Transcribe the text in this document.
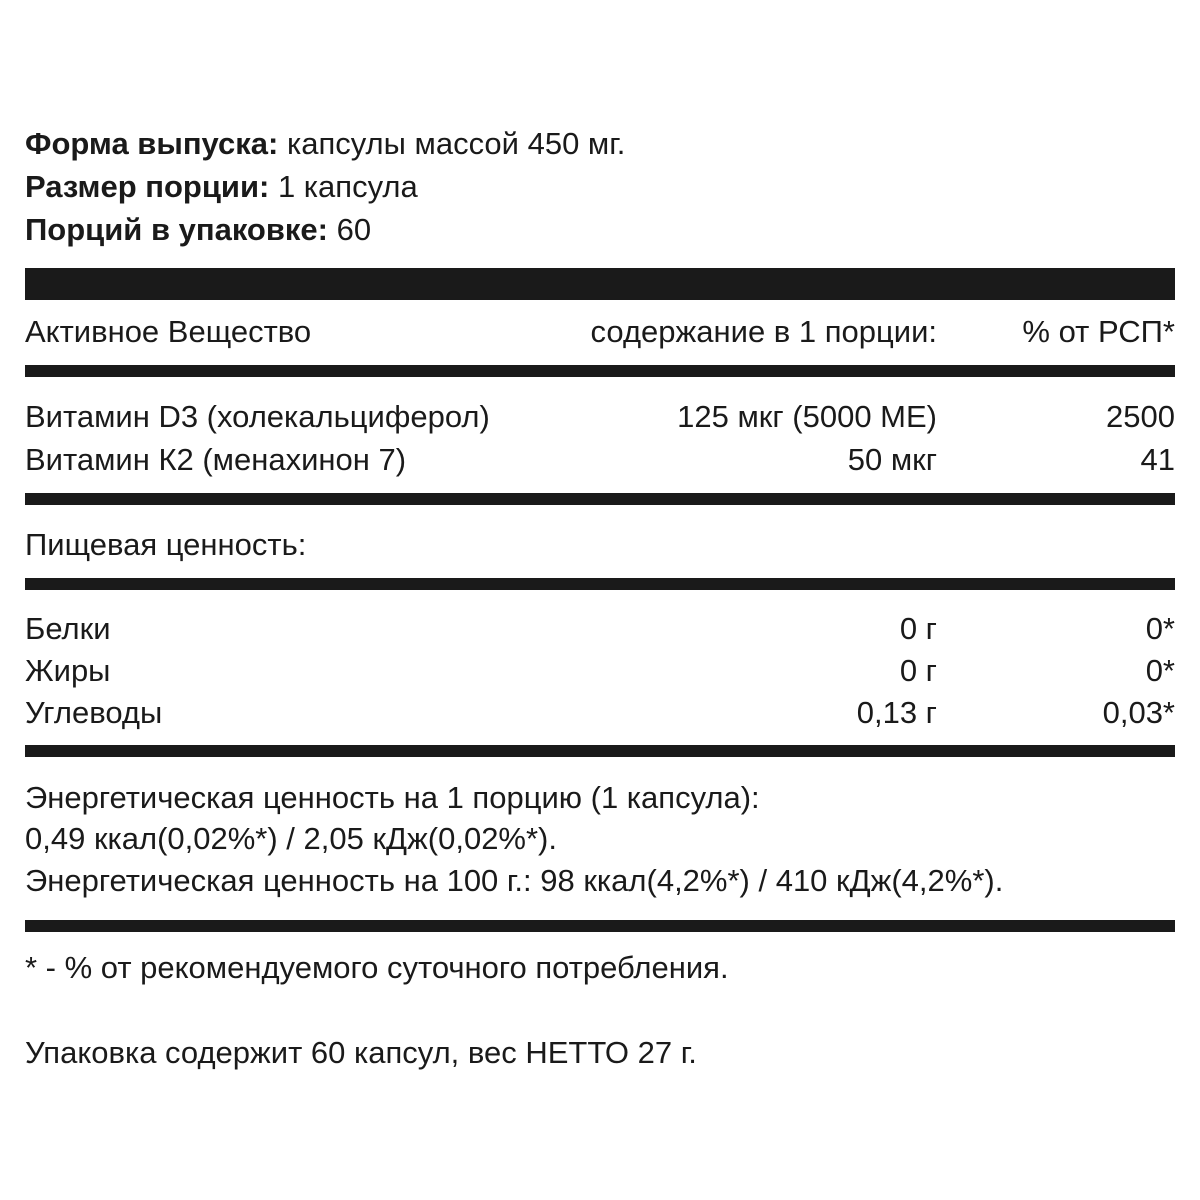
Форма выпуска: капсулы массой 450 мг.
Размер порции: 1 капсула
Порций в упаковке: 60
Активное Вещество	содержание в 1 порции:	% от РСП*
Витамин D3 (холекальциферол)	125 мкг (5000 МЕ)	2500
Витамин К2 (менахинон 7)	50 мкг	41
Пищевая ценность:
Белки	0 г	0*
Жиры	0 г	0*
Углеводы	0,13 г	0,03*
Энергетическая ценность на 1 порцию (1 капсула):
0,49 ккал(0,02%*) / 2,05 кДж(0,02%*).
Энергетическая ценность на 100 г.: 98 ккал(4,2%*) / 410 кДж(4,2%*).
* - % от рекомендуемого суточного потребления.
Упаковка содержит 60 капсул, вес НЕТТО 27 г.
